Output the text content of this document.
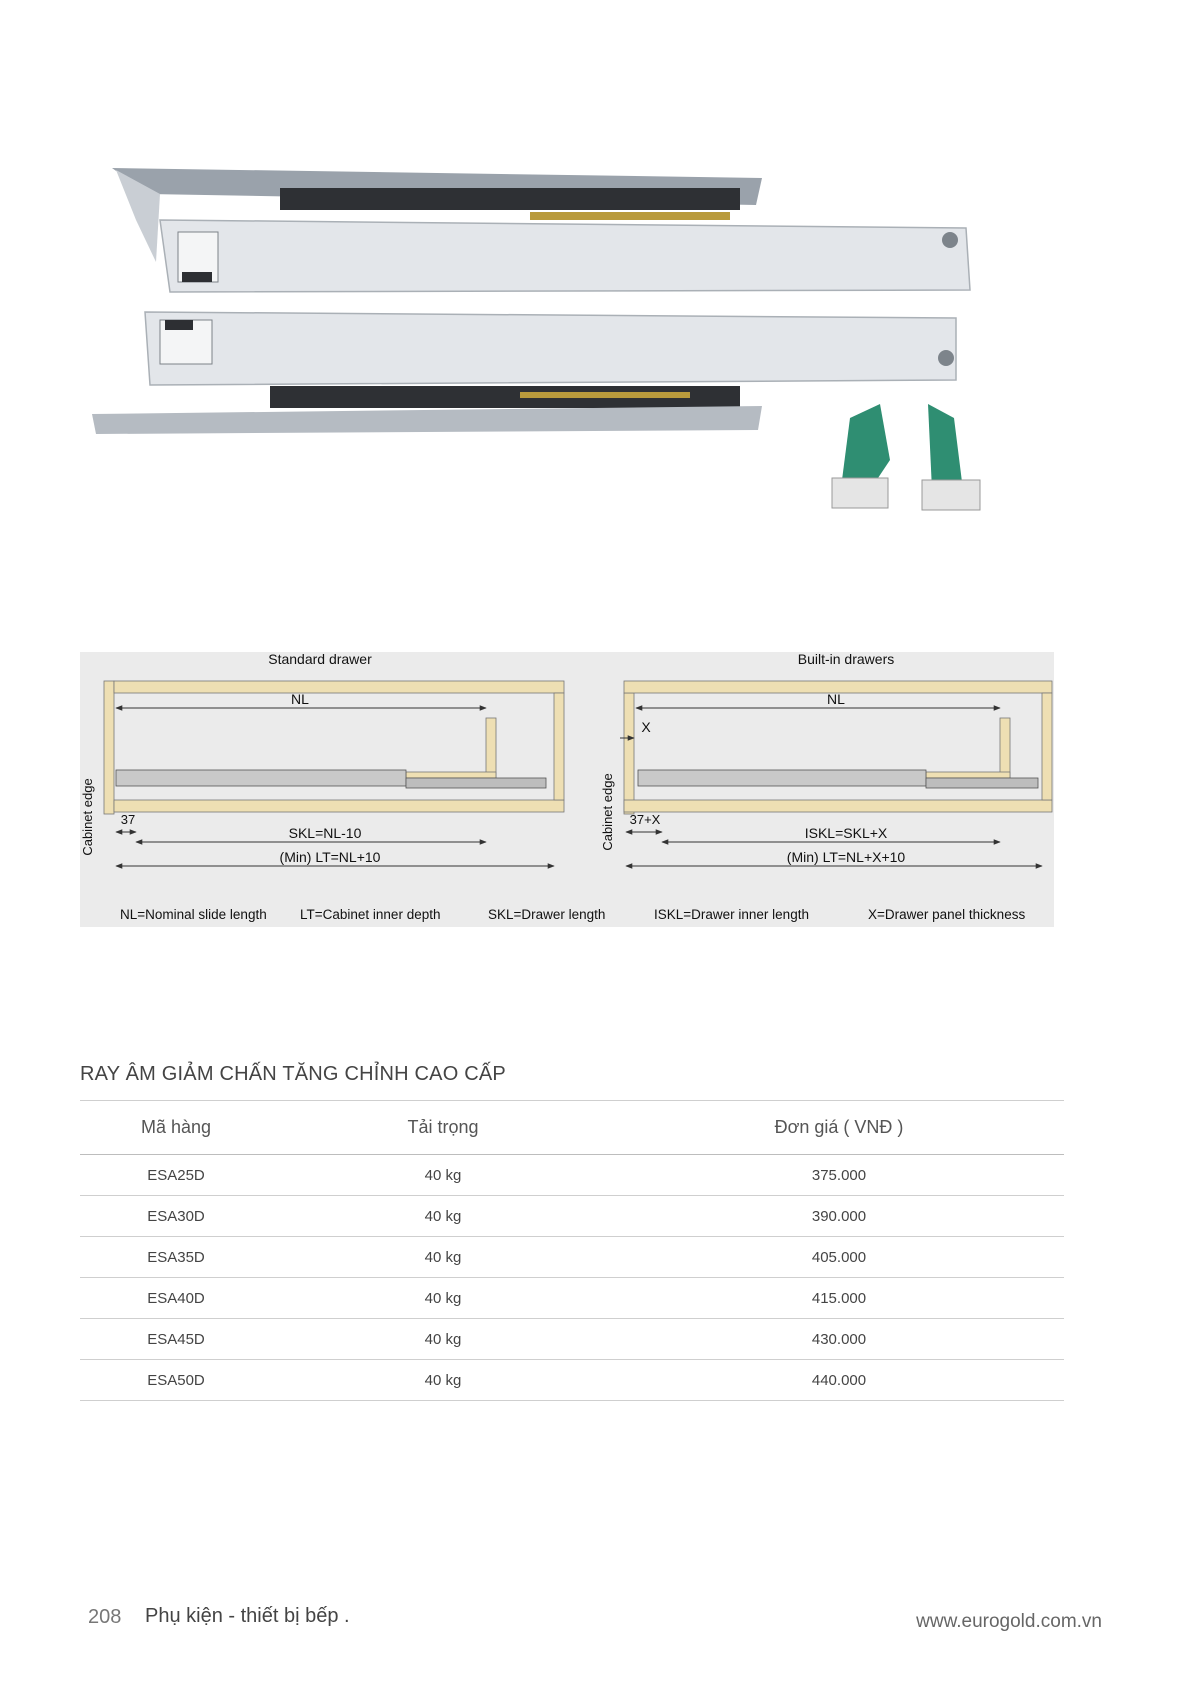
Standard drawer
NL
Cabinet edge 37
SKL=NL-10
(Min) LT=NL+10
Built-in drawers
NL
X
Cabinet edge 37+X
ISKL=SKL+X
(Min) LT=NL+X+10
NL=Nominal slide length LT=Cabinet inner depth	SKL=Drawer length	ISKL=Drawer inner length	X=Drawer panel thickness
RAY ÂM GIẢM CHẤN TĂNG CHỈNH CAO CẤP
Mã hàng	Tải trọng	Đơn giá ( VNĐ )
ESA25D	40 kg	375.000
ESA30D	40 kg	390.000
ESA35D	40 kg	405.000
ESA40D	40 kg	415.000
ESA45D	40 kg	430.000
ESA50D	40 kg	440.000
208 Phụ kiện - thiết bị bếp .	www.eurogold.com.vn
